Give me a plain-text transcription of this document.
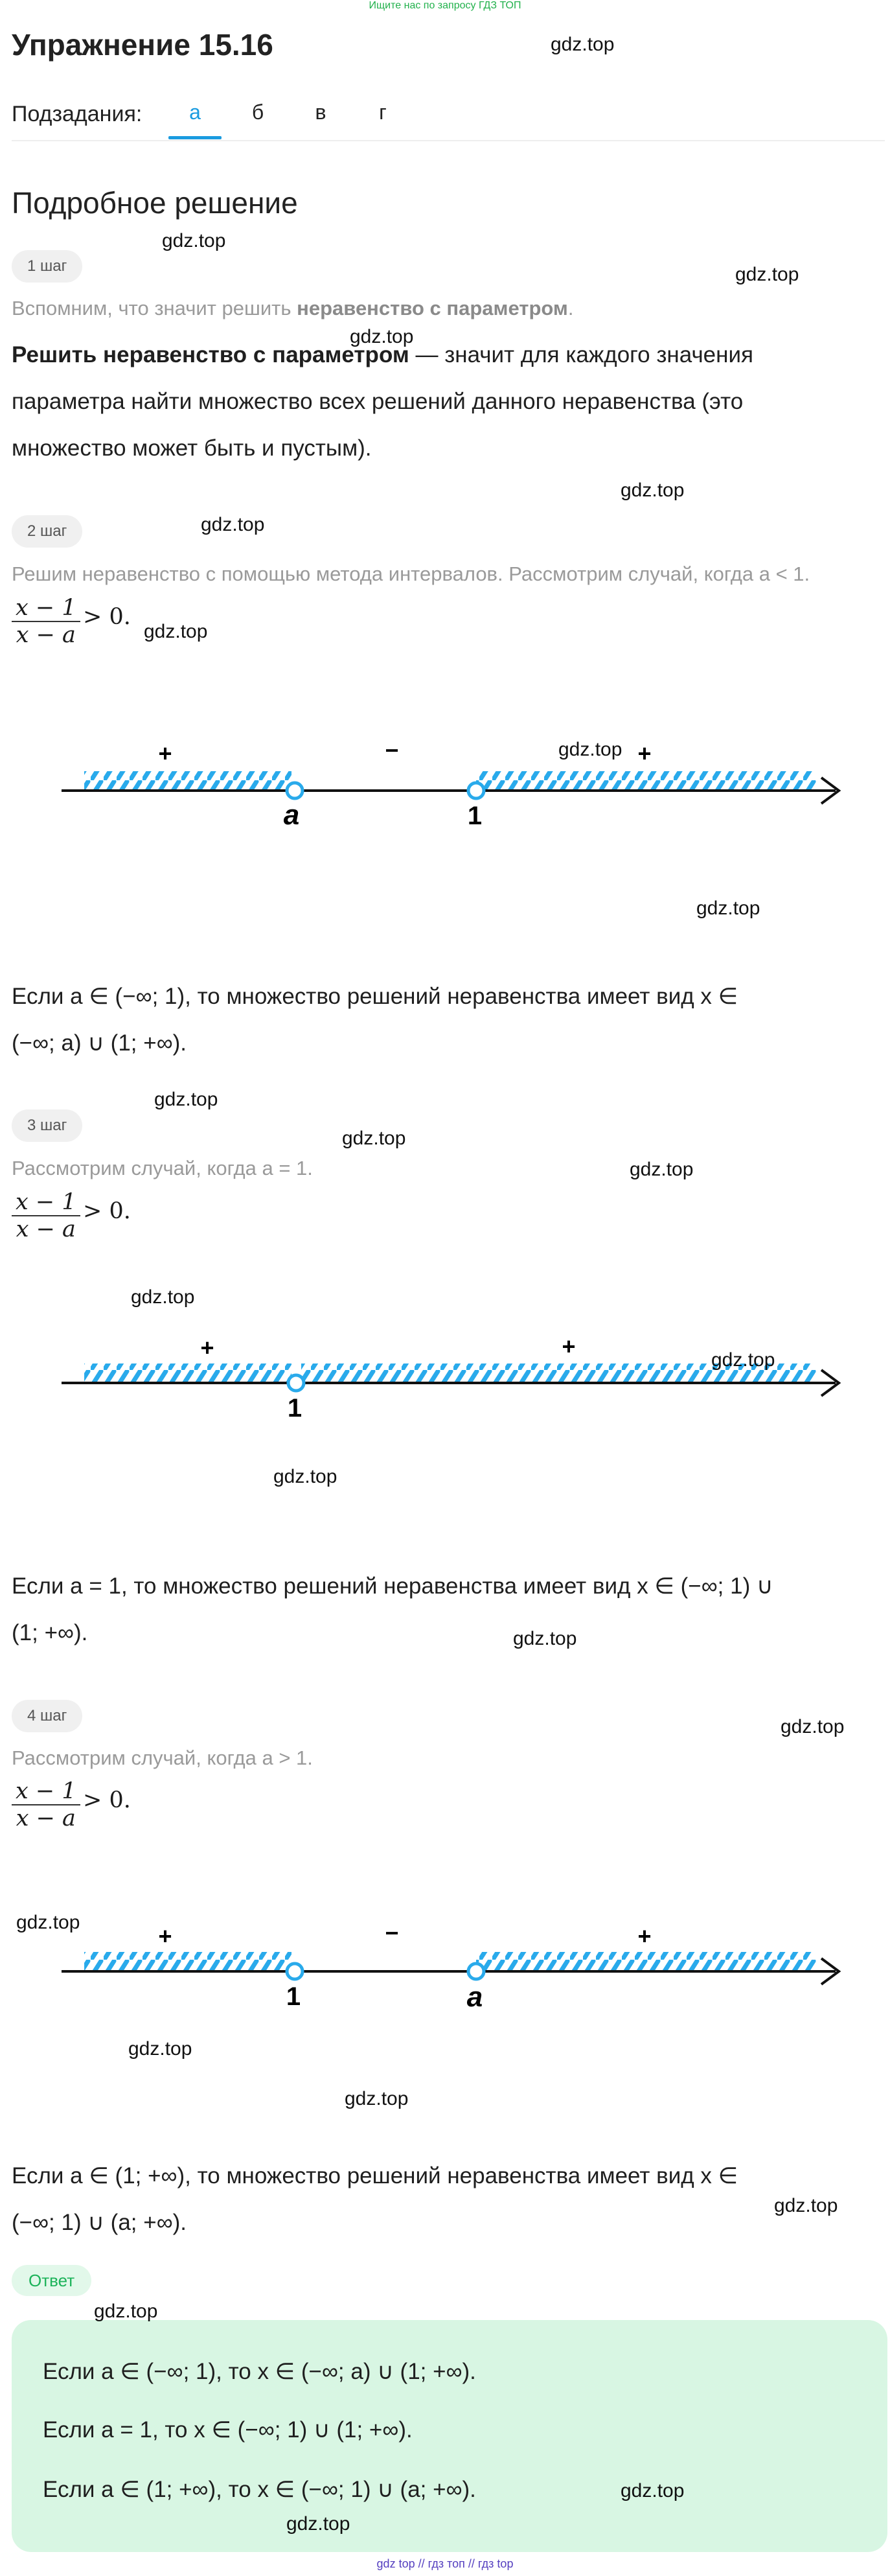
Ищите нас по запросу ГДЗ ТОП
Упражнение 15.16
Подзадания:	а	б	в	г
Подробное решение
1 шаг
Вспомним, что значит решить неравенство с параметром.
Решить неравенство с параметром — значит для каждого значения
параметра найти множество всех решений данного неравенства (это
множество может быть и пустым).
2 шаг
Решим неравенство с помощью метода интервалов. Рассмотрим случай, когда a < 1.
$\frac{x - 1}{x - a} > 0$.
+	−	+
a	1
Если a ∈ (−∞; 1), то множество решений неравенства имеет вид x ∈
(−∞; a) ∪ (1; +∞).
3 шаг
Рассмотрим случай, когда a = 1.
$\frac{x - 1}{x - a} > 0$.
+	+
1
Если a = 1, то множество решений неравенства имеет вид x ∈ (−∞; 1) ∪
(1; +∞).
4 шаг
Рассмотрим случай, когда a > 1.
$\frac{x - 1}{x - a} > 0$.
+	−	+
1	a
Если a ∈ (1; +∞), то множество решений неравенства имеет вид x ∈
(−∞; 1) ∪ (a; +∞).
Ответ
Если a ∈ (−∞; 1), то x ∈ (−∞; a) ∪ (1; +∞).
Если a = 1, то x ∈ (−∞; 1) ∪ (1; +∞).
Если a ∈ (1; +∞), то x ∈ (−∞; 1) ∪ (a; +∞).
gdz.top
gdz.top
gdz.top
gdz.top
gdz.top
gdz.top
gdz.top
gdz.top
gdz.top
gdz.top
gdz.top
gdz.top
gdz.top
gdz.top
gdz.top
gdz.top
gdz.top
gdz.top
gdz.top
gdz.top
gdz.top
gdz.top
gdz.top
gdz.top
gdz top // гдз топ // гдз top
